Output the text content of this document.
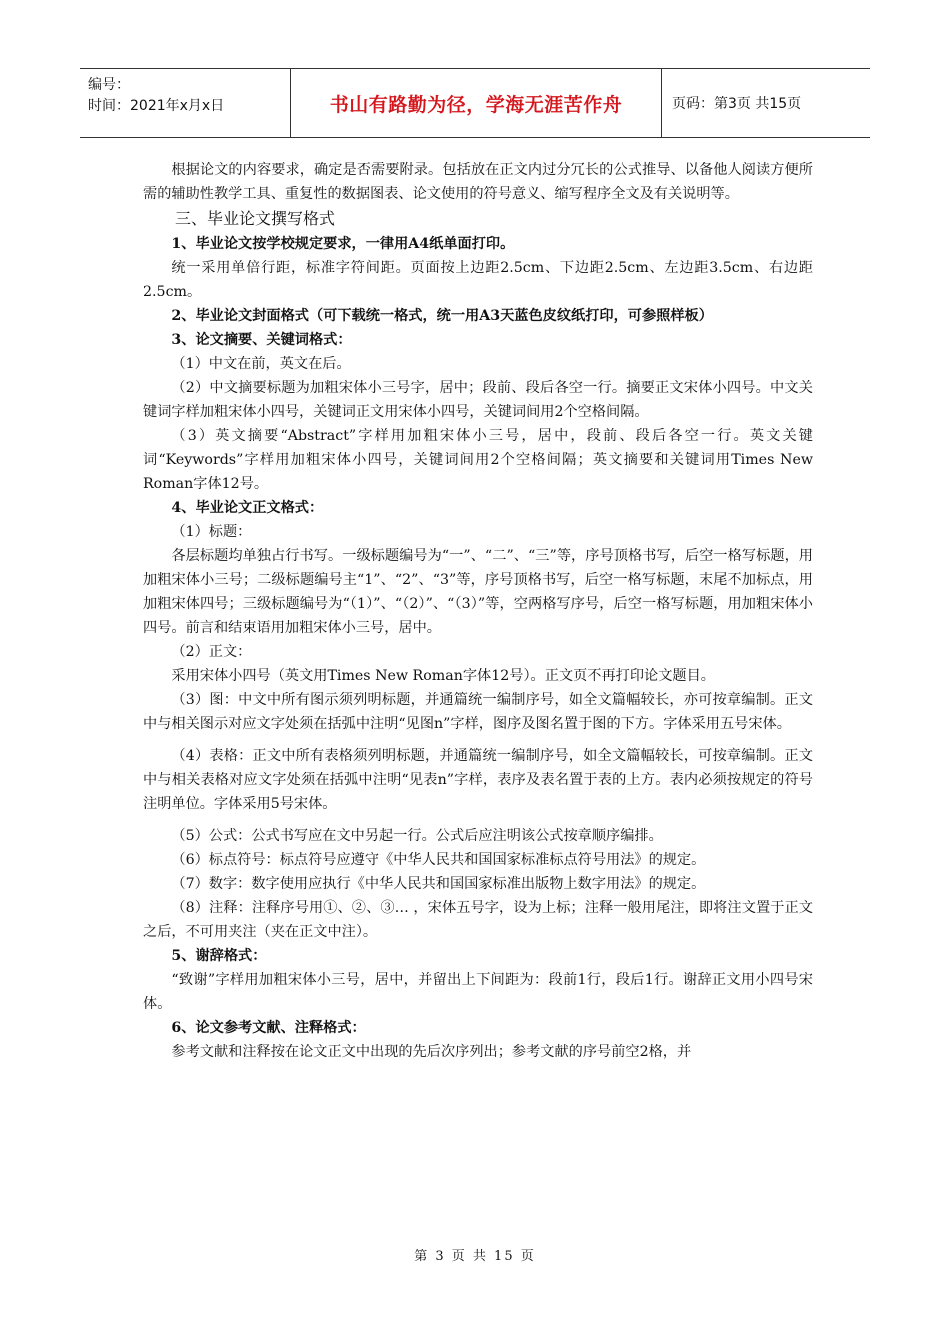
编号：
时间：2021年x月x日	书山有路勤为径，学海无涯苦作舟	页码：第3页 共15页

根据论文的内容要求，确定是否需要附录。包括放在正文内过分冗长的公式推导、以备他人阅读方便所需的辅助性教学工具、重复性的数据图表、论文使用的符号意义、缩写程序全文及有关说明等。

三、毕业论文撰写格式

1、毕业论文按学校规定要求，一律用A4纸单面打印。

统一采用单倍行距，标准字符间距。页面按上边距2.5cm、下边距2.5cm、左边距3.5cm、右边距2.5cm。

2、毕业论文封面格式（可下载统一格式，统一用A3天蓝色皮纹纸打印，可参照样板）

3、论文摘要、关键词格式：

（1）中文在前，英文在后。

（2）中文摘要标题为加粗宋体小三号字，居中；段前、段后各空一行。摘要正文宋体小四号。中文关键词字样加粗宋体小四号，关键词正文用宋体小四号，关键词间用2个空格间隔。

（3）英文摘要“Abstract”字样用加粗宋体小三号，居中，段前、段后各空一行。英文关键词“Keywords”字样用加粗宋体小四号，关键词间用2个空格间隔；英文摘要和关键词用Times New Roman字体12号。

4、毕业论文正文格式：

（1）标题：

各层标题均单独占行书写。一级标题编号为“一”、“二”、“三”等，序号顶格书写，后空一格写标题，用加粗宋体小三号；二级标题编号主“1”、“2”、“3”等，序号顶格书写，后空一格写标题，末尾不加标点，用加粗宋体四号；三级标题编号为“（1）”、“（2）”、“（3）”等，空两格写序号，后空一格写标题，用加粗宋体小四号。前言和结束语用加粗宋体小三号，居中。

（2）正文：

采用宋体小四号（英文用Times New Roman字体12号）。正文页不再打印论文题目。

（3）图：中文中所有图示须列明标题，并通篇统一编制序号，如全文篇幅较长，亦可按章编制。正文中与相关图示对应文字处须在括弧中注明“见图n”字样，图序及图名置于图的下方。字体采用五号宋体。

（4）表格：正文中所有表格须列明标题，并通篇统一编制序号，如全文篇幅较长，可按章编制。正文中与相关表格对应文字处须在括弧中注明“见表n”字样，表序及表名置于表的上方。表内必须按规定的符号注明单位。字体采用5号宋体。

（5）公式：公式书写应在文中另起一行。公式后应注明该公式按章顺序编排。

（6）标点符号：标点符号应遵守《中华人民共和国国家标准标点符号用法》的规定。

（7）数字：数字使用应执行《中华人民共和国国家标准出版物上数字用法》的规定。

（8）注释：注释序号用①、②、③… ，宋体五号字，设为上标；注释一般用尾注，即将注文置于正文之后，不可用夹注（夹在正文中注）。

5、谢辞格式：

“致谢”字样用加粗宋体小三号，居中，并留出上下间距为：段前1行，段后1行。谢辞正文用小四号宋体。

6、论文参考文献、注释格式：

参考文献和注释按在论文正文中出现的先后次序列出；参考文献的序号前空2格，并

第 3 页 共 15 页
